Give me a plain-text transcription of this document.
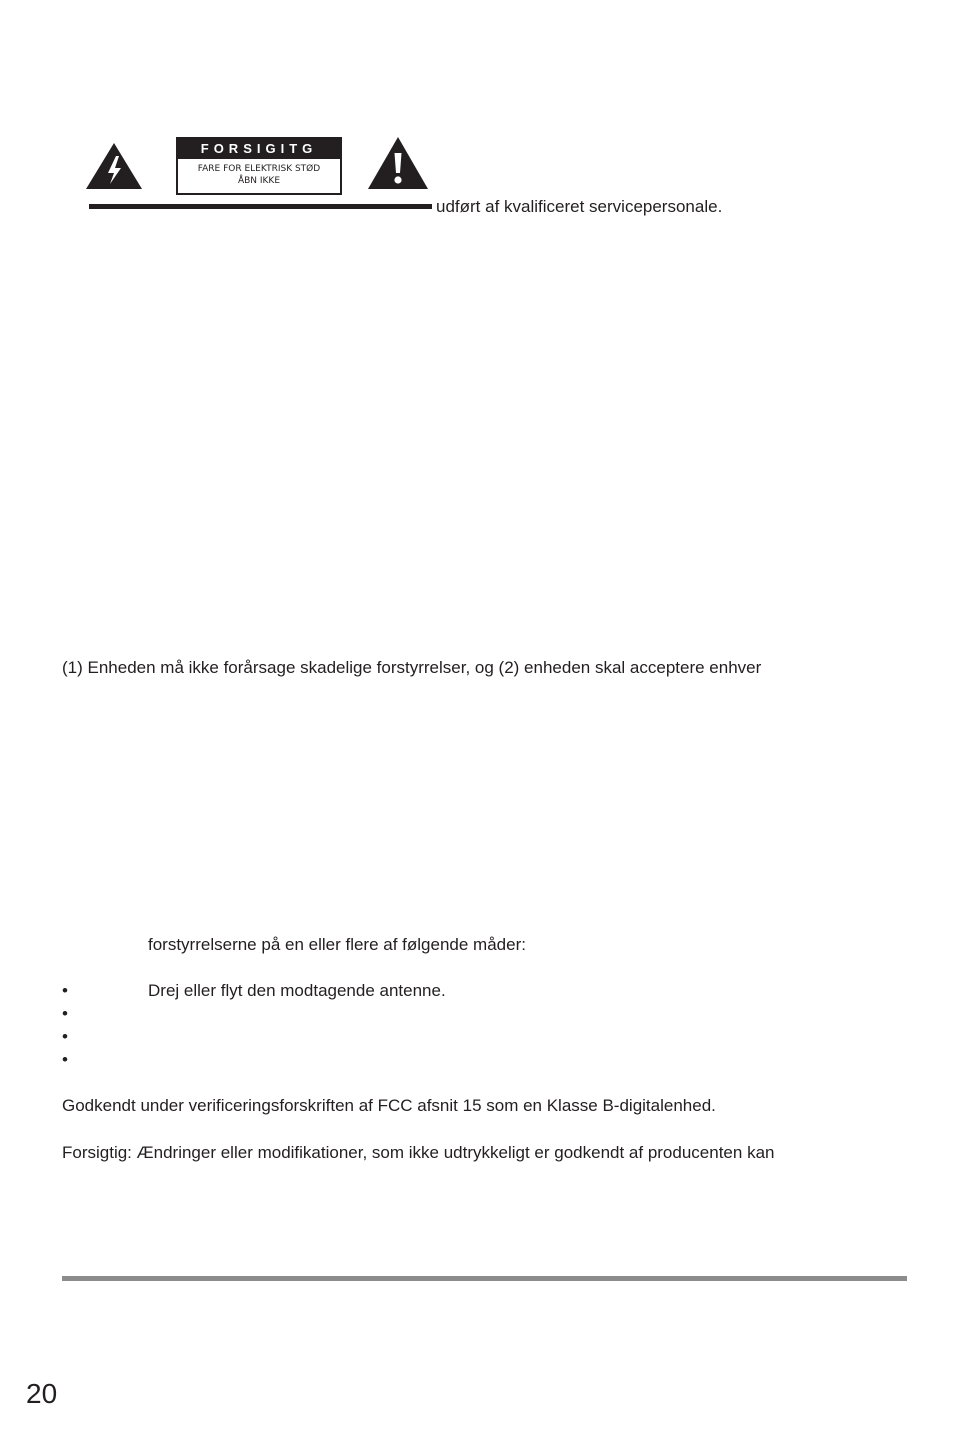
FORSIGITG
FARE FOR ELEKTRISK STØD
ÅBN IKKE
udført af kvalificeret servicepersonale.
(1) Enheden må ikke forårsage skadelige forstyrrelser, og (2) enheden skal acceptere enhver
forstyrrelserne på en eller flere af følgende måder:
•	Drej eller flyt den modtagende antenne.
•
•
•
Godkendt under verificeringsforskriften af FCC afsnit 15 som en Klasse B-digitalenhed.
Forsigtig: Ændringer eller modifikationer, som ikke udtrykkeligt er godkendt af producenten kan
20
